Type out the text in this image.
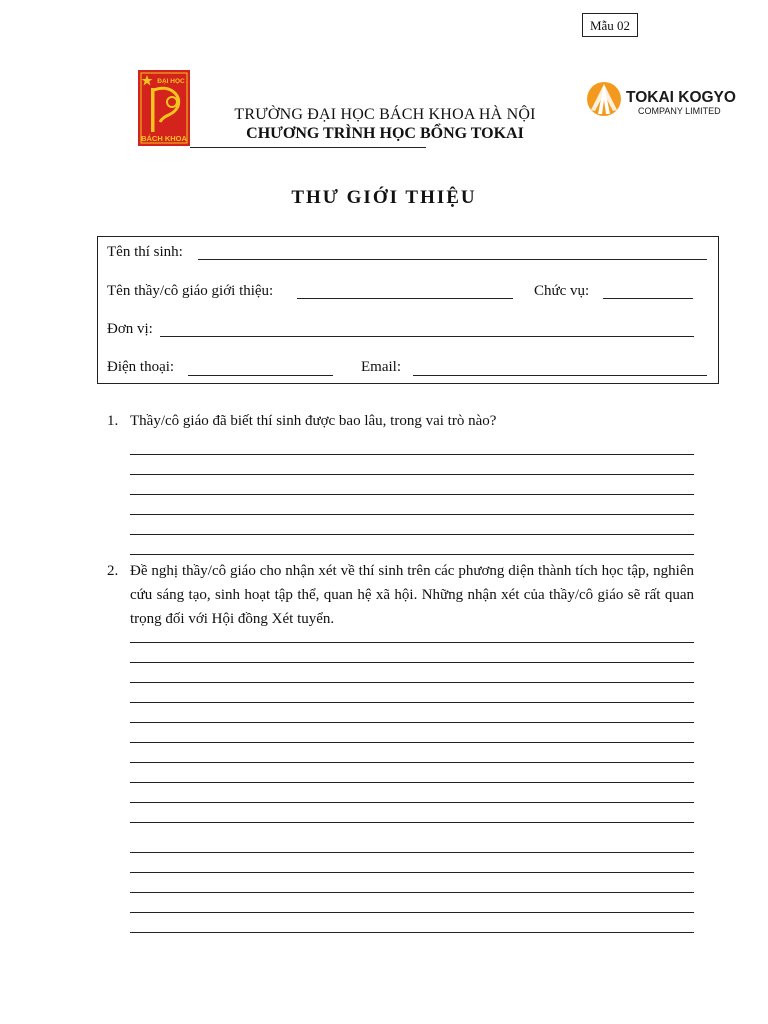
Mẫu 02
ĐẠI HỌC
BÁCH KHOA
TRƯỜNG ĐẠI HỌC BÁCH KHOA HÀ NỘI
CHƯƠNG TRÌNH HỌC BỔNG TOKAI
TOKAI KOGYO
COMPANY LIMITED
THƯ GIỚI THIỆU
Tên thí sinh:
Tên thầy/cô giáo giới thiệu:	Chức vụ:
Đơn vị:
Điện thoại:	Email:
1. Thầy/cô giáo đã biết thí sinh được bao lâu, trong vai trò nào?
2. Đề nghị thầy/cô giáo cho nhận xét về thí sinh trên các phương diện thành tích học tập, nghiên cứu sáng tạo, sinh hoạt tập thể, quan hệ xã hội. Những nhận xét của thầy/cô giáo sẽ rất quan trọng đối với Hội đồng Xét tuyển.
